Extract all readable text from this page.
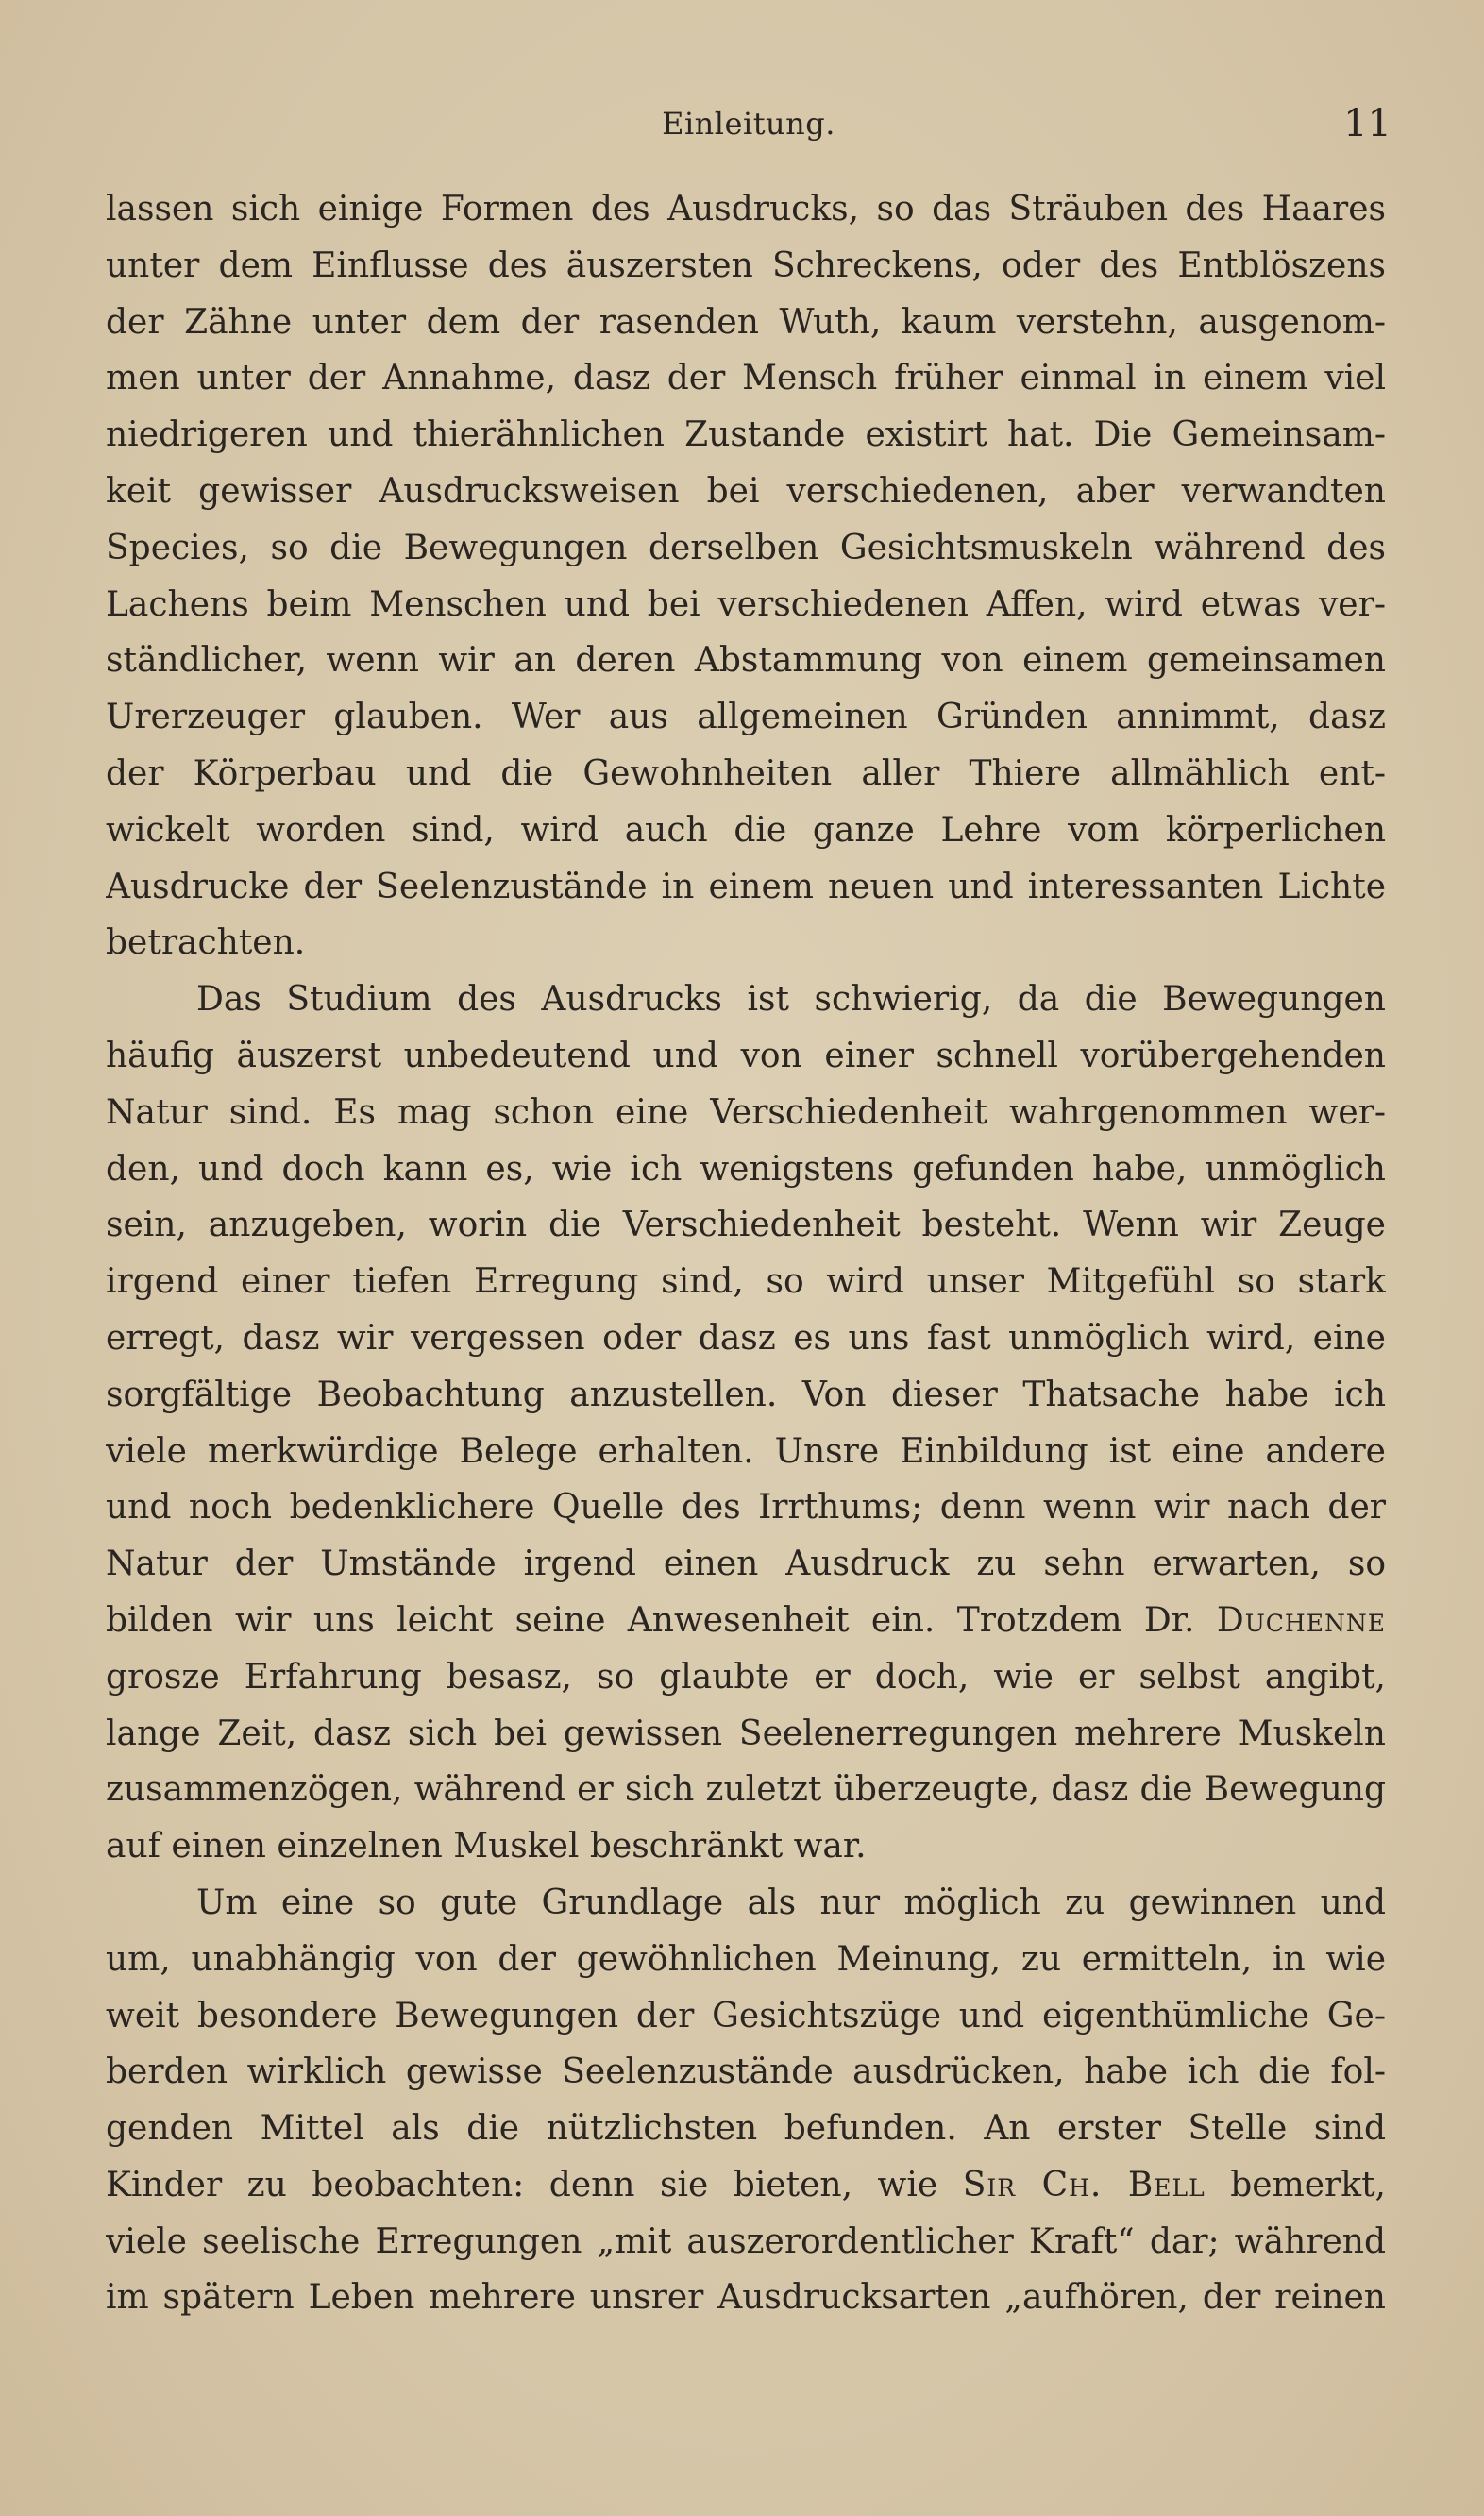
Einleitung.	11
lassen sich einige Formen des Ausdrucks, so das Sträuben des Haares
unter dem Einflusse des äuszersten Schreckens, oder des Entblöszens
der Zähne unter dem der rasenden Wuth, kaum verstehn, ausgenom-
men unter der Annahme, dasz der Mensch früher einmal in einem viel
niedrigeren und thierähnlichen Zustande existirt hat. Die Gemeinsam-
keit gewisser Ausdrucksweisen bei verschiedenen, aber verwandten
Species, so die Bewegungen derselben Gesichtsmuskeln während des
Lachens beim Menschen und bei verschiedenen Affen, wird etwas ver-
ständlicher, wenn wir an deren Abstammung von einem gemeinsamen
Urerzeuger glauben. Wer aus allgemeinen Gründen annimmt, dasz
der Körperbau und die Gewohnheiten aller Thiere allmählich ent-
wickelt worden sind, wird auch die ganze Lehre vom körperlichen
Ausdrucke der Seelenzustände in einem neuen und interessanten Lichte
betrachten.
Das Studium des Ausdrucks ist schwierig, da die Bewegungen
häufig äuszerst unbedeutend und von einer schnell vorübergehenden
Natur sind. Es mag schon eine Verschiedenheit wahrgenommen wer-
den, und doch kann es, wie ich wenigstens gefunden habe, unmöglich
sein, anzugeben, worin die Verschiedenheit besteht. Wenn wir Zeuge
irgend einer tiefen Erregung sind, so wird unser Mitgefühl so stark
erregt, dasz wir vergessen oder dasz es uns fast unmöglich wird, eine
sorgfältige Beobachtung anzustellen. Von dieser Thatsache habe ich
viele merkwürdige Belege erhalten. Unsre Einbildung ist eine andere
und noch bedenklichere Quelle des Irrthums; denn wenn wir nach der
Natur der Umstände irgend einen Ausdruck zu sehn erwarten, so
bilden wir uns leicht seine Anwesenheit ein. Trotzdem Dr. Duchenne
grosze Erfahrung besasz, so glaubte er doch, wie er selbst angibt,
lange Zeit, dasz sich bei gewissen Seelenerregungen mehrere Muskeln
zusammenzögen, während er sich zuletzt überzeugte, dasz die Bewegung
auf einen einzelnen Muskel beschränkt war.
Um eine so gute Grundlage als nur möglich zu gewinnen und
um, unabhängig von der gewöhnlichen Meinung, zu ermitteln, in wie
weit besondere Bewegungen der Gesichtszüge und eigenthümliche Ge-
berden wirklich gewisse Seelenzustände ausdrücken, habe ich die fol-
genden Mittel als die nützlichsten befunden. An erster Stelle sind
Kinder zu beobachten: denn sie bieten, wie Sir Ch. Bell bemerkt,
viele seelische Erregungen „mit auszerordentlicher Kraft“ dar; während
im spätern Leben mehrere unsrer Ausdrucksarten „aufhören, der reinen
